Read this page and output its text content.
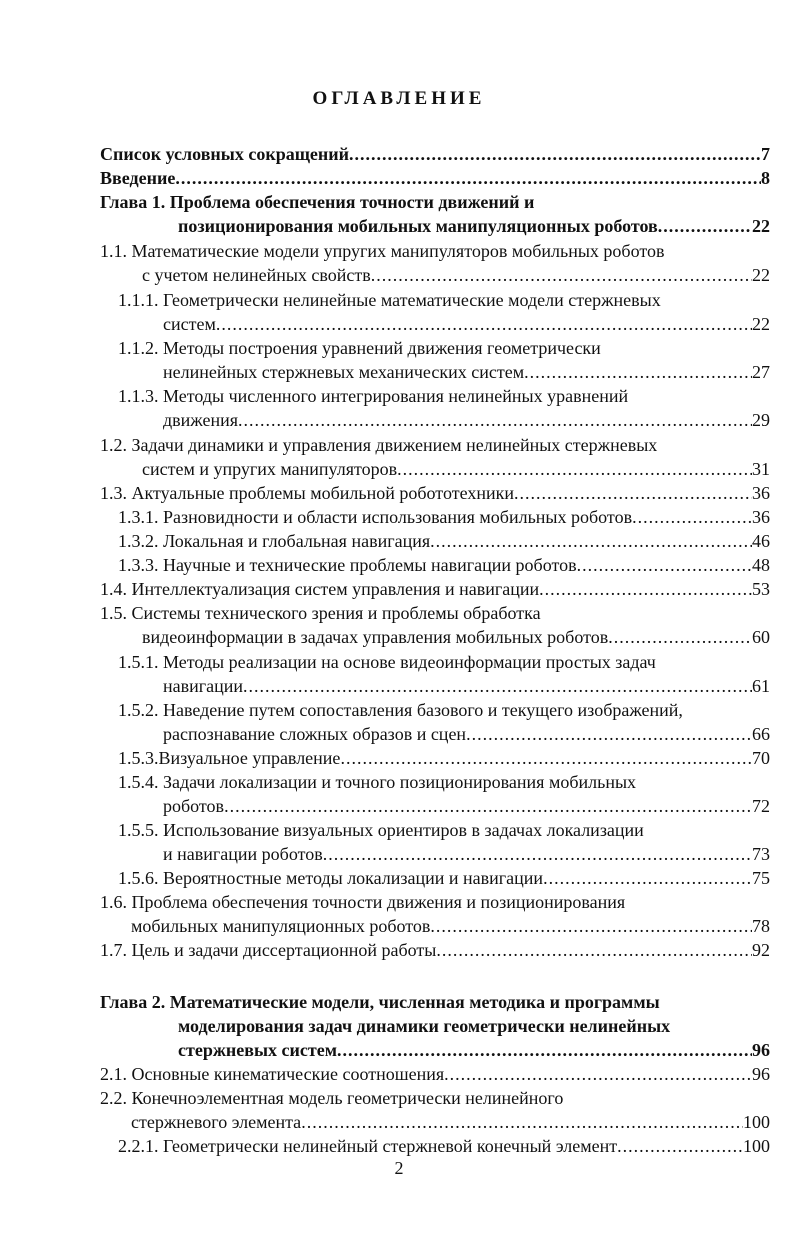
ОГЛАВЛЕНИЕ
Список условных сокращений .....	7
Введение .....	8
Глава 1. Проблема обеспечения точности движений и
позиционирования мобильных манипуляционных роботов .....	22
1.1. Математические модели упругих манипуляторов мобильных роботов
с учетом нелинейных свойств .....	22
1.1.1. Геометрически нелинейные математические модели стержневых
систем .....	22
1.1.2. Методы построения уравнений движения геометрически
нелинейных стержневых механических систем .....	27
1.1.3. Методы численного интегрирования нелинейных уравнений
движения .....	29
1.2. Задачи динамики и управления движением нелинейных стержневых
систем и упругих манипуляторов .....	31
1.3. Актуальные проблемы мобильной робототехники .....	36
1.3.1. Разновидности и области использования мобильных роботов .....	36
1.3.2. Локальная и глобальная навигация .....	46
1.3.3. Научные и технические проблемы навигации роботов .....	48
1.4. Интеллектуализация систем управления и навигации .....	53
1.5. Системы технического зрения и проблемы обработка
видеоинформации в задачах управления мобильных роботов .....	60
1.5.1. Методы реализации на основе видеоинформации простых задач
навигации .....	61
1.5.2. Наведение путем сопоставления базового и текущего изображений,
распознавание сложных образов и сцен .....	66
1.5.3.Визуальное управление .....	70
1.5.4. Задачи локализации и точного позиционирования мобильных
роботов .....	72
1.5.5. Использование визуальных ориентиров в задачах локализации
и навигации роботов .....	73
1.5.6. Вероятностные методы локализации и навигации .....	75
1.6. Проблема обеспечения точности движения и позиционирования
мобильных манипуляционных роботов .....	78
1.7. Цель и задачи диссертационной работы .....	92
Глава 2. Математические модели, численная методика и программы
моделирования задач динамики геометрически нелинейных
стержневых систем .....	96
2.1. Основные кинематические соотношения .....	96
2.2. Конечноэлементная модель геометрически нелинейного
стержневого элемента .....	100
2.2.1. Геометрически нелинейный стержневой конечный элемент .....	100
2
